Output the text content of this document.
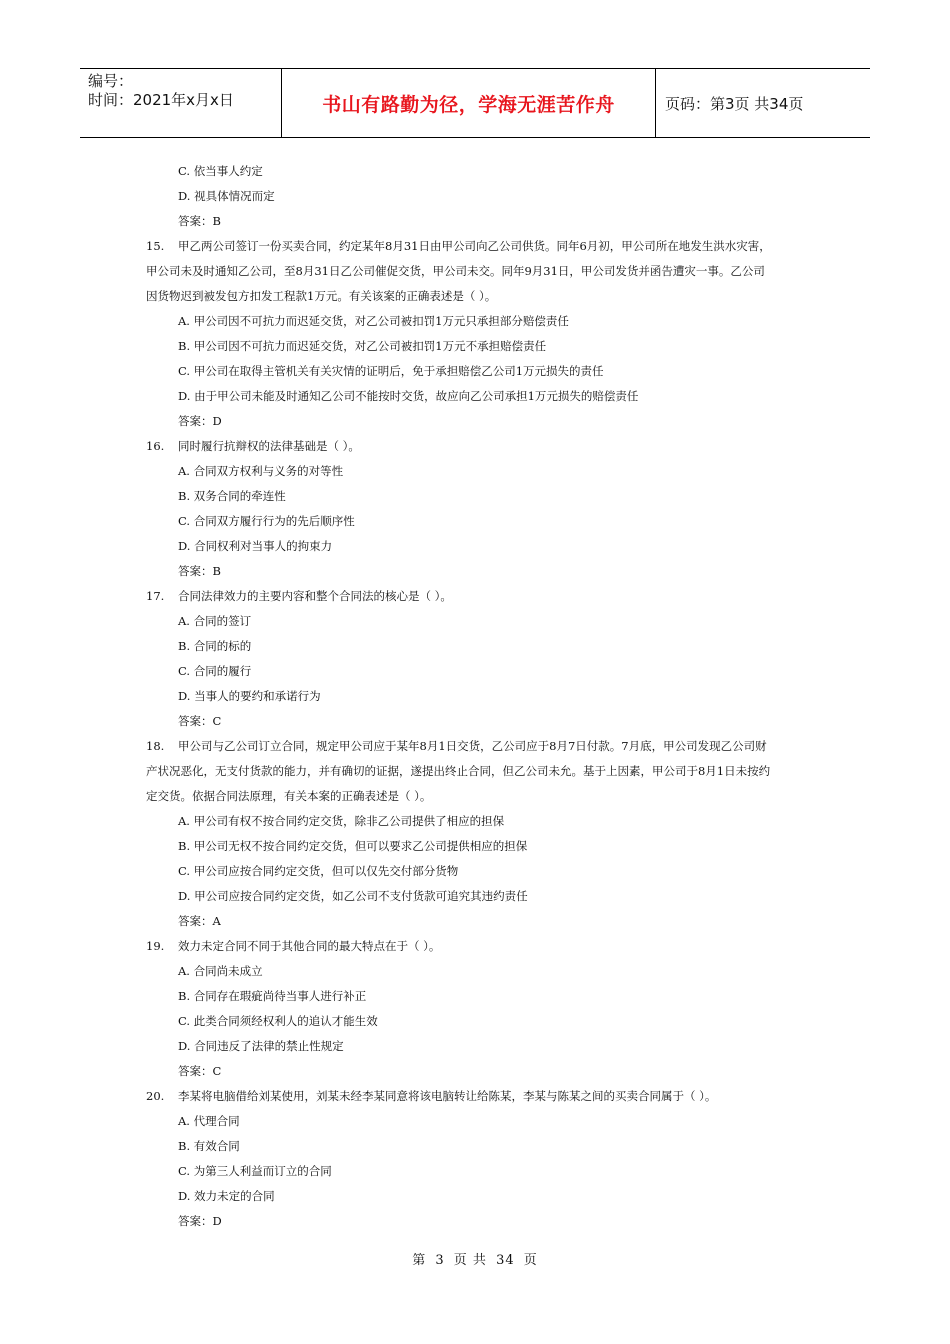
编号：
时间：2021年x月x日	书山有路勤为径，学海无涯苦作舟	页码：第3页 共34页
C. 依当事人约定
D. 视具体情况而定
答案：B
15. 甲乙两公司签订一份买卖合同，约定某年8月31日由甲公司向乙公司供货。同年6月初，甲公司所在地发生洪水灾害，
甲公司未及时通知乙公司，至8月31日乙公司催促交货，甲公司未交。同年9月31日，甲公司发货并函告遭灾一事。乙公司
因货物迟到被发包方扣发工程款1万元。有关该案的正确表述是（ ）。
A. 甲公司因不可抗力而迟延交货，对乙公司被扣罚1万元只承担部分赔偿责任
B. 甲公司因不可抗力而迟延交货，对乙公司被扣罚1万元不承担赔偿责任
C. 甲公司在取得主管机关有关灾情的证明后，免于承担赔偿乙公司1万元损失的责任
D. 由于甲公司未能及时通知乙公司不能按时交货，故应向乙公司承担1万元损失的赔偿责任
答案：D
16. 同时履行抗辩权的法律基础是（ ）。
A. 合同双方权利与义务的对等性
B. 双务合同的牵连性
C. 合同双方履行行为的先后顺序性
D. 合同权利对当事人的拘束力
答案：B
17. 合同法律效力的主要内容和整个合同法的核心是（ ）。
A. 合同的签订
B. 合同的标的
C. 合同的履行
D. 当事人的要约和承诺行为
答案：C
18. 甲公司与乙公司订立合同，规定甲公司应于某年8月1日交货，乙公司应于8月7日付款。7月底，甲公司发现乙公司财
产状况恶化，无支付货款的能力，并有确切的证据，遂提出终止合同，但乙公司未允。基于上因素，甲公司于8月1日未按约
定交货。依据合同法原理，有关本案的正确表述是（ ）。
A. 甲公司有权不按合同约定交货，除非乙公司提供了相应的担保
B. 甲公司无权不按合同约定交货，但可以要求乙公司提供相应的担保
C. 甲公司应按合同约定交货，但可以仅先交付部分货物
D. 甲公司应按合同约定交货，如乙公司不支付货款可追究其违约责任
答案：A
19. 效力未定合同不同于其他合同的最大特点在于（ ）。
A. 合同尚未成立
B. 合同存在瑕疵尚待当事人进行补正
C. 此类合同须经权利人的追认才能生效
D. 合同违反了法律的禁止性规定
答案：C
20. 李某将电脑借给刘某使用，刘某未经李某同意将该电脑转让给陈某，李某与陈某之间的买卖合同属于（ ）。
A. 代理合同
B. 有效合同
C. 为第三人利益而订立的合同
D. 效力未定的合同
答案：D
第 3 页 共 34 页
